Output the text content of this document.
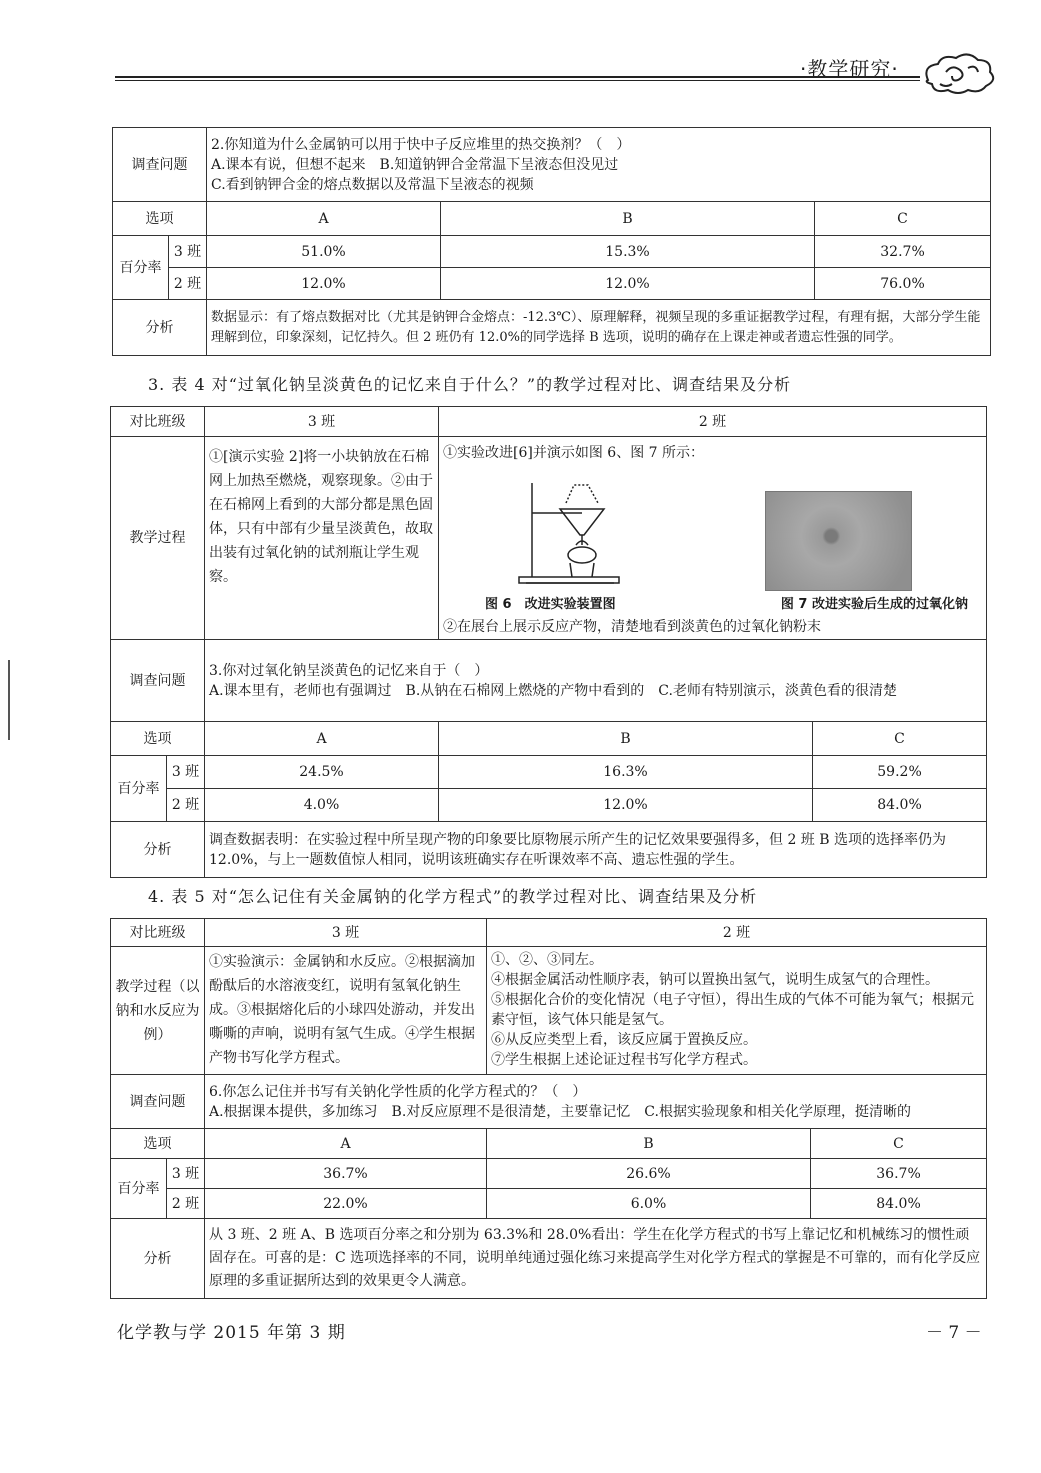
·教学研究·
调查问题		2.你知道为什么金属钠可以用于快中子反应堆里的热交换剂？（　）
A.课本有说，但想不起来　B.知道钠钾合金常温下呈液态但没见过
C.看到钠钾合金的熔点数据以及常温下呈液态的视频		

选项		A	B	C
百分率	3 班	51.0%	15.3%	32.7%
	2 班	12.0%	12.0%	76.0%
分析		数据显示：有了熔点数据对比（尤其是钠钾合金熔点：-12.3℃）、原理解释，视频呈现的多重证据教学过程，有理有据，大部分学生能理解到位，印象深刻，记忆持久。但 2 班仍有 12.0%的同学选择 B 选项，说明的确存在上课走神或者遗忘性强的同学。		
3. 表 4 对“过氧化钠呈淡黄色的记忆来自于什么？”的教学过程对比、调查结果及分析
对比班级		3 班	2 班	
教学过程		①[演示实验 2]将一小块钠放在石棉网上加热至燃烧，观察现象。②由于在石棉网上看到的大部分都是黑色固体，只有中部有少量呈淡黄色，故取出装有过氧化钠的试剂瓶让学生观察。	①实验改进[6]并演示如图 6、图 7 所示：
图 6　改进实验装置图 图 7 改进实验后生成的过氧化钠
②在展台上展示反应产物，清楚地看到淡黄色的过氧化钠粉末	

调查问题		3.你对过氧化钠呈淡黄色的记忆来自于（　）
A.课本里有，老师也有强调过　B.从钠在石棉网上燃烧的产物中看到的　C.老师有特别演示，淡黄色看的很清楚		

选项		A	B	C
百分率	3 班	24.5%	16.3%	59.2%
	2 班	4.0%	12.0%	84.0%
分析		调查数据表明：在实验过程中所呈现产物的印象要比原物展示所产生的记忆效果要强得多，但 2 班 B 选项的选择率仍为 12.0%，与上一题数值惊人相同，说明该班确实存在听课效率不高、遗忘性强的学生。		
4. 表 5 对“怎么记住有关金属钠的化学方程式”的教学过程对比、调查结果及分析
对比班级		3 班	2 班	
教学过程（以钠和水反应为例）		①实验演示：金属钠和水反应。②根据滴加酚酞后的水溶液变红，说明有氢氧化钠生成。③根据熔化后的小球四处游动，并发出嘶嘶的声响，说明有氢气生成。④学生根据产物书写化学方程式。	①、②、③同左。
④根据金属活动性顺序表，钠可以置换出氢气，说明生成氢气的合理性。
⑤根据化合价的变化情况（电子守恒），得出生成的气体不可能为氧气；根据元素守恒，该气体只能是氢气。
⑥从反应类型上看，该反应属于置换反应。
⑦学生根据上述论证过程书写化学方程式。	

调查问题		6.你怎么记住并书写有关钠化学性质的化学方程式的？（　）
A.根据课本提供，多加练习　B.对反应原理不是很清楚，主要靠记忆　C.根据实验现象和相关化学原理，挺清晰的		

选项		A	B	C
百分率	3 班	36.7%	26.6%	36.7%
	2 班	22.0%	6.0%	84.0%
分析		从 3 班、2 班 A、B 选项百分率之和分别为 63.3%和 28.0%看出：学生在化学方程式的书写上靠记忆和机械练习的惯性顽固存在。可喜的是：C 选项选择率的不同，说明单纯通过强化练习来提高学生对化学方程式的掌握是不可靠的，而有化学反应原理的多重证据所达到的效果更令人满意。		
化学教与学 2015 年第 3 期	－ 7 －
